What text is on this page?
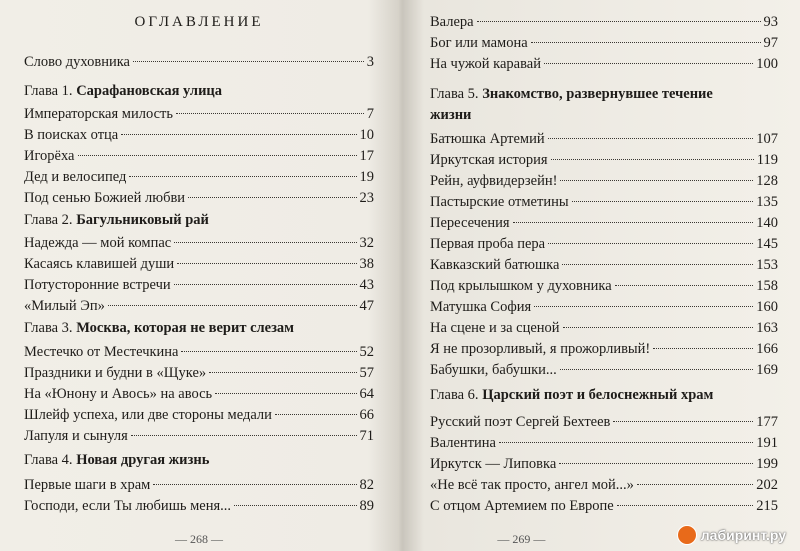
ОГЛАВЛЕНИЕ
Слово духовника	3
Глава 1. Сарафановская улица
Императорская милость	7
В поисках отца	10
Игорёха	17
Дед и велосипед	19
Под сенью Божией любви	23
Глава 2. Багульниковый рай
Надежда — мой компас	32
Касаясь клавишей души	38
Потусторонние встречи	43
«Милый Эп»	47
Глава 3. Москва, которая не верит слезам
Местечко от Местечкина	52
Праздники и будни в «Щуке»	57
На «Юнону и Авось» на авось	64
Шлейф успеха, или две стороны медали	66
Лапуля и сынуля	71
Глава 4. Новая другая жизнь
Первые шаги в храм	82
Господи, если Ты любишь меня...	89
— 268 —
Валера	93
Бог или мамона	97
На чужой каравай	100
Глава 5. Знакомство, развернувшее течение
жизни
Батюшка Артемий	107
Иркутская история	119
Рейн, ауфвидерзейн!	128
Пастырские отметины	135
Пересечения	140
Первая проба пера	145
Кавказский батюшка	153
Под крылышком у духовника	158
Матушка София	160
На сцене и за сценой	163
Я не прозорливый, я прожорливый!	166
Бабушки, бабушки...	169
Глава 6. Царский поэт и белоснежный храм
Русский поэт Сергей Бехтеев	177
Валентина	191
Иркутск — Липовка	199
«Не всё так просто, ангел мой...»	202
С отцом Артемием по Европе	215
— 269 —	лабиринт.ру
